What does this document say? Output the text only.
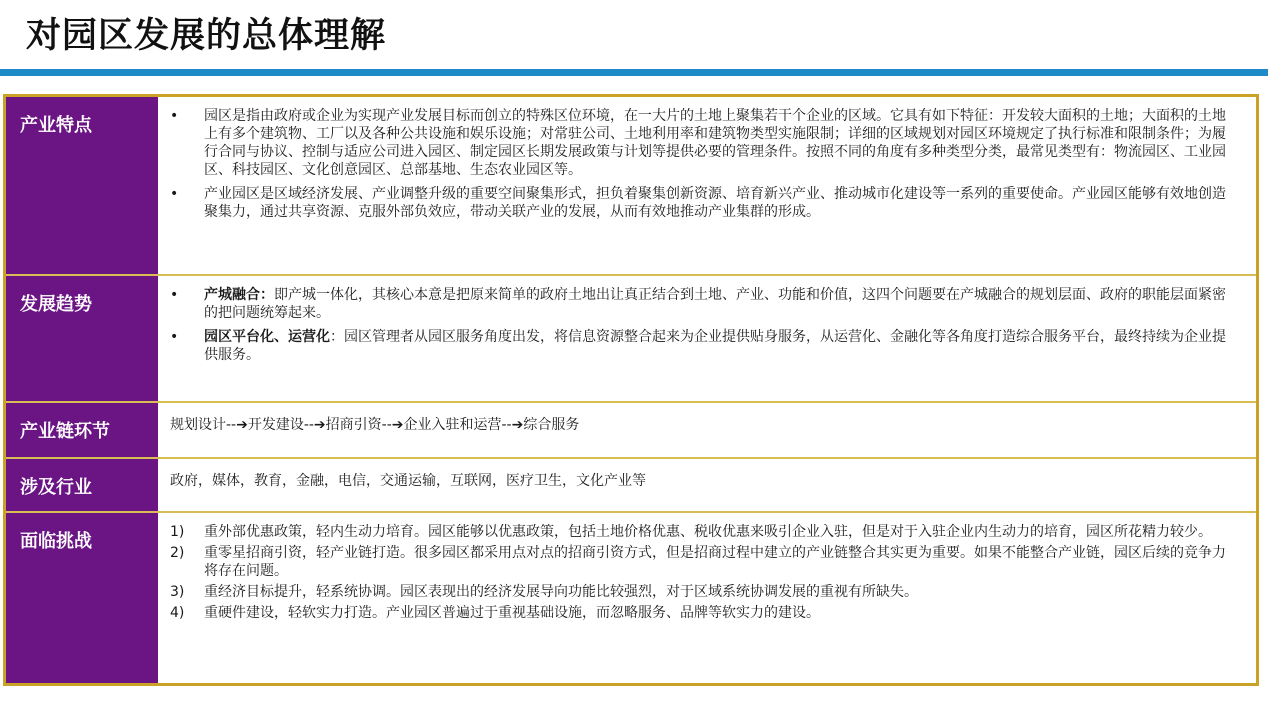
对园区发展的总体理解
产业特点	•	园区是指由政府或企业为实现产业发展目标而创立的特殊区位环境，在一大片的土地上聚集若干个企业的区域。它具有如下特征：开发较大面积的土地；大面积的土地上有多个建筑物、工厂以及各种公共设施和娱乐设施；对常驻公司、土地利用率和建筑物类型实施限制；详细的区域规划对园区环境规定了执行标准和限制条件；为履行合同与协议、控制与适应公司进入园区、制定园区长期发展政策与计划等提供必要的管理条件。按照不同的角度有多种类型分类，最常见类型有：物流园区、工业园区、科技园区、文化创意园区、总部基地、生态农业园区等。
•	产业园区是区域经济发展、产业调整升级的重要空间聚集形式，担负着聚集创新资源、培育新兴产业、推动城市化建设等一系列的重要使命。产业园区能够有效地创造聚集力，通过共享资源、克服外部负效应，带动关联产业的发展，从而有效地推动产业集群的形成。
发展趋势	•	产城融合：即产城一体化，其核心本意是把原来简单的政府土地出让真正结合到土地、产业、功能和价值，这四个问题要在产城融合的规划层面、政府的职能层面紧密的把问题统筹起来。
•	园区平台化、运营化：园区管理者从园区服务角度出发，将信息资源整合起来为企业提供贴身服务，从运营化、金融化等各角度打造综合服务平台，最终持续为企业提供服务。
产业链环节	规划设计--➔开发建设--➔招商引资--➔企业入驻和运营--➔综合服务
涉及行业	政府，媒体，教育，金融，电信，交通运输，互联网，医疗卫生，文化产业等
面临挑战	1)	重外部优惠政策，轻内生动力培育。园区能够以优惠政策，包括土地价格优惠、税收优惠来吸引企业入驻，但是对于入驻企业内生动力的培育，园区所花精力较少。
2)	重零星招商引资，轻产业链打造。很多园区都采用点对点的招商引资方式，但是招商过程中建立的产业链整合其实更为重要。如果不能整合产业链，园区后续的竞争力将存在问题。
3)	重经济目标提升，轻系统协调。园区表现出的经济发展导向功能比较强烈，对于区域系统协调发展的重视有所缺失。
4)	重硬件建设，轻软实力打造。产业园区普遍过于重视基础设施，而忽略服务、品牌等软实力的建设。
